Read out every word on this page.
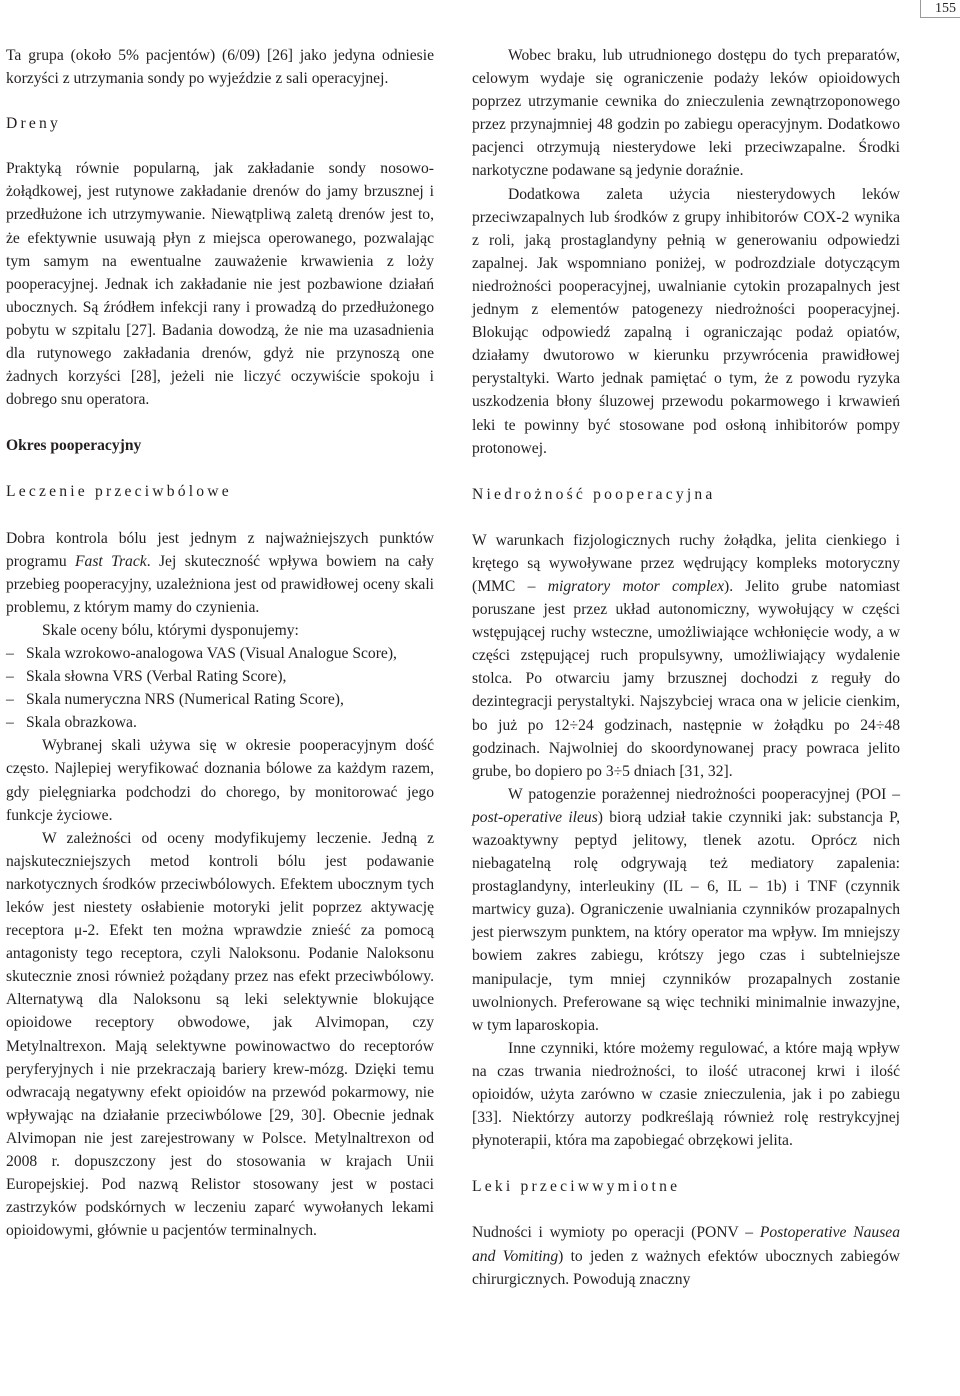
155

Ta grupa (około 5% pacjentów) (6/09) [26] jako jedyna odniesie korzyści z utrzymania sondy po wyjeździe z sali operacyjnej.

Dreny

Praktyką równie popularną, jak zakładanie sondy nosowo-żołądkowej, jest rutynowe zakładanie drenów do jamy brzusznej i przedłużone ich utrzymywanie. Niewątpliwą zaletą drenów jest to, że efektywnie usuwają płyn z miejsca operowanego, pozwalając tym samym na ewentualne zauważenie krwawienia z loży pooperacyjnej. Jednak ich zakładanie nie jest pozbawione działań ubocznych. Są źródłem infekcji rany i prowadzą do przedłużonego pobytu w szpitalu [27]. Badania dowodzą, że nie ma uzasadnienia dla rutynowego zakładania drenów, gdyż nie przynoszą one żadnych korzyści [28], jeżeli nie liczyć oczywiście spokoju i dobrego snu operatora.

Okres pooperacyjny
Leczenie przeciwbólowe

Dobra kontrola bólu jest jednym z najważniejszych punktów programu Fast Track. Jej skuteczność wpływa bowiem na cały przebieg pooperacyjny, uzależniona jest od prawidłowej oceny skali problemu, z którym mamy do czynienia.

Skale oceny bólu, którymi dysponujemy:

– Skala wzrokowo-analogowa VAS (Visual Analogue Score),
– Skala słowna VRS (Verbal Rating Score),
– Skala numeryczna NRS (Numerical Rating Score),
– Skala obrazkowa.

Wybranej skali używa się w okresie pooperacyjnym dość często. Najlepiej weryfikować doznania bólowe za każdym razem, gdy pielęgniarka podchodzi do chorego, by monitorować jego funkcje życiowe.

W zależności od oceny modyfikujemy leczenie. Jedną z najskuteczniejszych metod kontroli bólu jest podawanie narkotycznych środków przeciwbólowych. Efektem ubocznym tych leków jest niestety osłabienie motoryki jelit poprzez aktywację receptora μ-2. Efekt ten można wprawdzie znieść za pomocą antagonisty tego receptora, czyli Naloksonu. Podanie Naloksonu skutecznie znosi również pożądany przez nas efekt przeciwbólowy. Alternatywą dla Naloksonu są leki selektywnie blokujące opioidowe receptory obwodowe, jak Alvimopan, czy Metylnaltrexon. Mają selektywne powinowactwo do receptorów peryferyjnych i nie przekraczają bariery krew-mózg. Dzięki temu odwracają negatywny efekt opioidów na przewód pokarmowy, nie wpływając na działanie przeciwbólowe [29, 30]. Obecnie jednak Alvimopan nie jest zarejestrowany w Polsce. Metylnaltrexon od 2008 r. dopuszczony jest do stosowania w krajach Unii Europejskiej. Pod nazwą Relistor stosowany jest w postaci zastrzyków podskórnych w leczeniu zaparć wywołanych lekami opioidowymi, głównie u pacjentów terminalnych.

Wobec braku, lub utrudnionego dostępu do tych preparatów, celowym wydaje się ograniczenie podaży leków opioidowych poprzez utrzymanie cewnika do znieczulenia zewnątrzoponowego przez przynajmniej 48 godzin po zabiegu operacyjnym. Dodatkowo pacjenci otrzymują niesterydowe leki przeciwzapalne. Środki narkotyczne podawane są jedynie doraźnie.

Dodatkowa zaleta użycia niesterydowych leków przeciwzapalnych lub środków z grupy inhibitorów COX-2 wynika z roli, jaką prostaglandyny pełnią w generowaniu odpowiedzi zapalnej. Jak wspomniano poniżej, w podrozdziale dotyczącym niedrożności pooperacyjnej, uwalnianie cytokin prozapalnych jest jednym z elementów patogenezy niedrożności pooperacyjnej. Blokując odpowiedź zapalną i ograniczając podaż opiatów, działamy dwutorowo w kierunku przywrócenia prawidłowej perystaltyki. Warto jednak pamiętać o tym, że z powodu ryzyka uszkodzenia błony śluzowej przewodu pokarmowego i krwawień leki te powinny być stosowane pod osłoną inhibitorów pompy protonowej.

Niedrożność pooperacyjna

W warunkach fizjologicznych ruchy żołądka, jelita cienkiego i krętego są wywoływane przez wędrujący kompleks motoryczny (MMC – migratory motor complex). Jelito grube natomiast poruszane jest przez układ autonomiczny, wywołujący w części wstępującej ruchy wsteczne, umożliwiające wchłonięcie wody, a w części zstępującej ruch propulsywny, umożliwiający wydalenie stolca. Po otwarciu jamy brzusznej dochodzi z reguły do dezintegracji perystaltyki. Najszybciej wraca ona w jelicie cienkim, bo już po 12÷24 godzinach, następnie w żołądku po 24÷48 godzinach. Najwolniej do skoordynowanej pracy powraca jelito grube, bo dopiero po 3÷5 dniach [31, 32].

W patogenzie porażennej niedrożności pooperacyjnej (POI – post-operative ileus) biorą udział takie czynniki jak: substancja P, wazoaktywny peptyd jelitowy, tlenek azotu. Oprócz nich niebagatelną rolę odgrywają też mediatory zapalenia: prostaglandyny, interleukiny (IL – 6, IL – 1b) i TNF (czynnik martwicy guza). Ograniczenie uwalniania czynników prozapalnych jest pierwszym punktem, na który operator ma wpływ. Im mniejszy bowiem zakres zabiegu, krótszy jego czas i subtelniejsze manipulacje, tym mniej czynników prozapalnych zostanie uwolnionych. Preferowane są więc techniki minimalnie inwazyjne, w tym laparoskopia.

Inne czynniki, które możemy regulować, a które mają wpływ na czas trwania niedrożności, to ilość utraconej krwi i ilość opioidów, użyta zarówno w czasie znieczulenia, jak i po zabiegu [33]. Niektórzy autorzy podkreślają również rolę restrykcyjnej płynoterapii, która ma zapobiegać obrzękowi jelita.

Leki przeciwwymiotne

Nudności i wymioty po operacji (PONV – Postoperative Nausea and Vomiting) to jeden z ważnych efektów ubocznych zabiegów chirurgicznych. Powodują znaczny
